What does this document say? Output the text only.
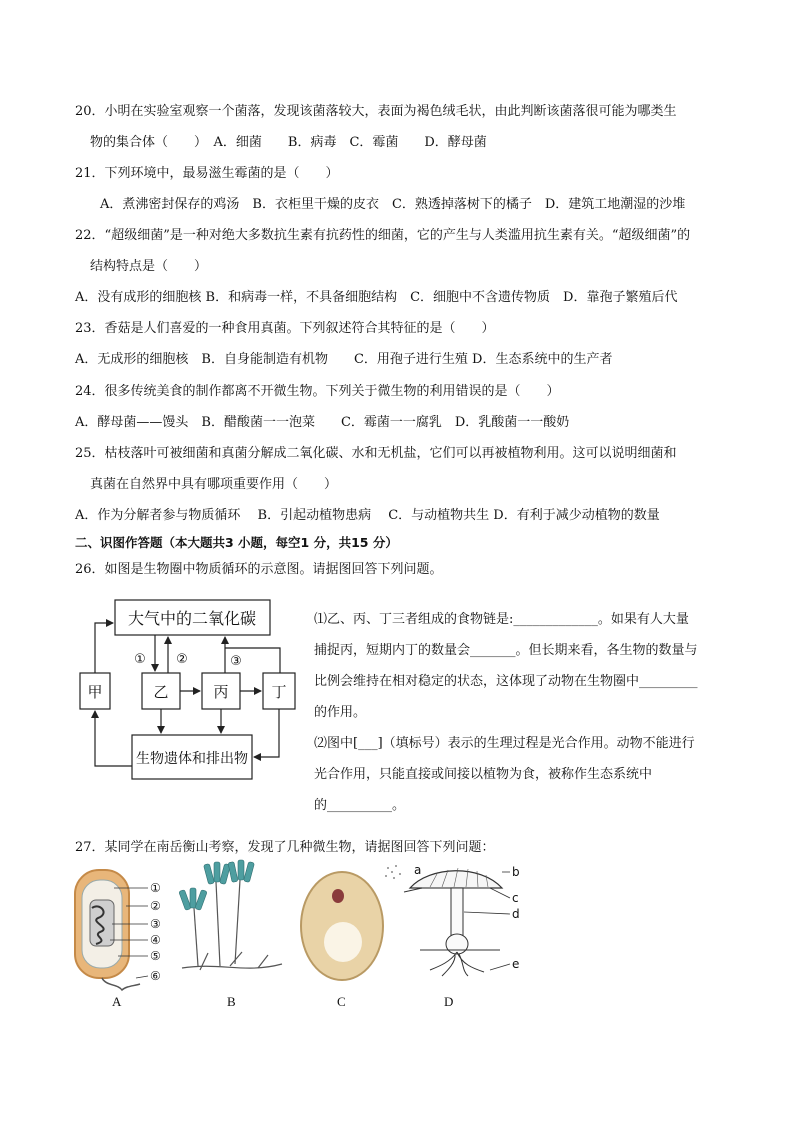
20．小明在实验室观察一个菌落，发现该菌落较大，表面为褐色绒毛状，由此判断该菌落很可能为哪类生
物的集合体（　　）　A．细菌　　B．病毒　C．霉菌　　D．酵母菌
21．下列环境中，最易滋生霉菌的是（　　）
A．煮沸密封保存的鸡汤　B．衣柜里干燥的皮衣　C．熟透掉落树下的橘子　D．建筑工地潮湿的沙堆
22．“超级细菌”是一种对绝大多数抗生素有抗药性的细菌，它的产生与人类滥用抗生素有关。“超级细菌”的
结构特点是（　　）
A．没有成形的细胞核 B．和病毒一样，不具备细胞结构　C．细胞中不含遗传物质　D．靠孢子繁殖后代
23．香菇是人们喜爱的一种食用真菌。下列叙述符合其特征的是（　　）
A．无成形的细胞核　B．自身能制造有机物　　C．用孢子进行生殖 D．生态系统中的生产者
24．很多传统美食的制作都离不开微生物。下列关于微生物的利用错误的是（　　）
A．酵母菌——馒头　B．醋酸菌一一泡菜　　C．霉菌一一腐乳　D．乳酸菌一一酸奶
25．枯枝落叶可被细菌和真菌分解成二氧化碳、水和无机盐，它们可以再被植物利用。这可以说明细菌和
真菌在自然界中具有哪项重要作用（　　）
A．作为分解者参与物质循环　 B．引起动植物患病　 C．与动植物共生 D．有利于减少动植物的数量
二、识图作答题（本大题共3 小题，每空1 分，共15 分）
26．如图是生物圈中物质循环的示意图。请据图回答下列问题。
大气中的二氧化碳
甲	乙	丙	丁
生物遗体和排出物
① ②	③
⑴乙、丙、丁三者组成的食物链是:_____________。如果有人大量
捕捉丙，短期内丁的数量会_______。但长期来看，各生物的数量与
比例会维持在相对稳定的状态，这体现了动物在生物圈中_________
的作用。
⑵图中[___]（填标号）表示的生理过程是光合作用。动物不能进行
光合作用，只能直接或间接以植物为食，被称作生态系统中
的__________。
27．某同学在南岳衡山考察，发现了几种微生物，请据图回答下列问题：
①
②
③
④
⑤
⑥
a	b
c
d
e
A	B	C	D
